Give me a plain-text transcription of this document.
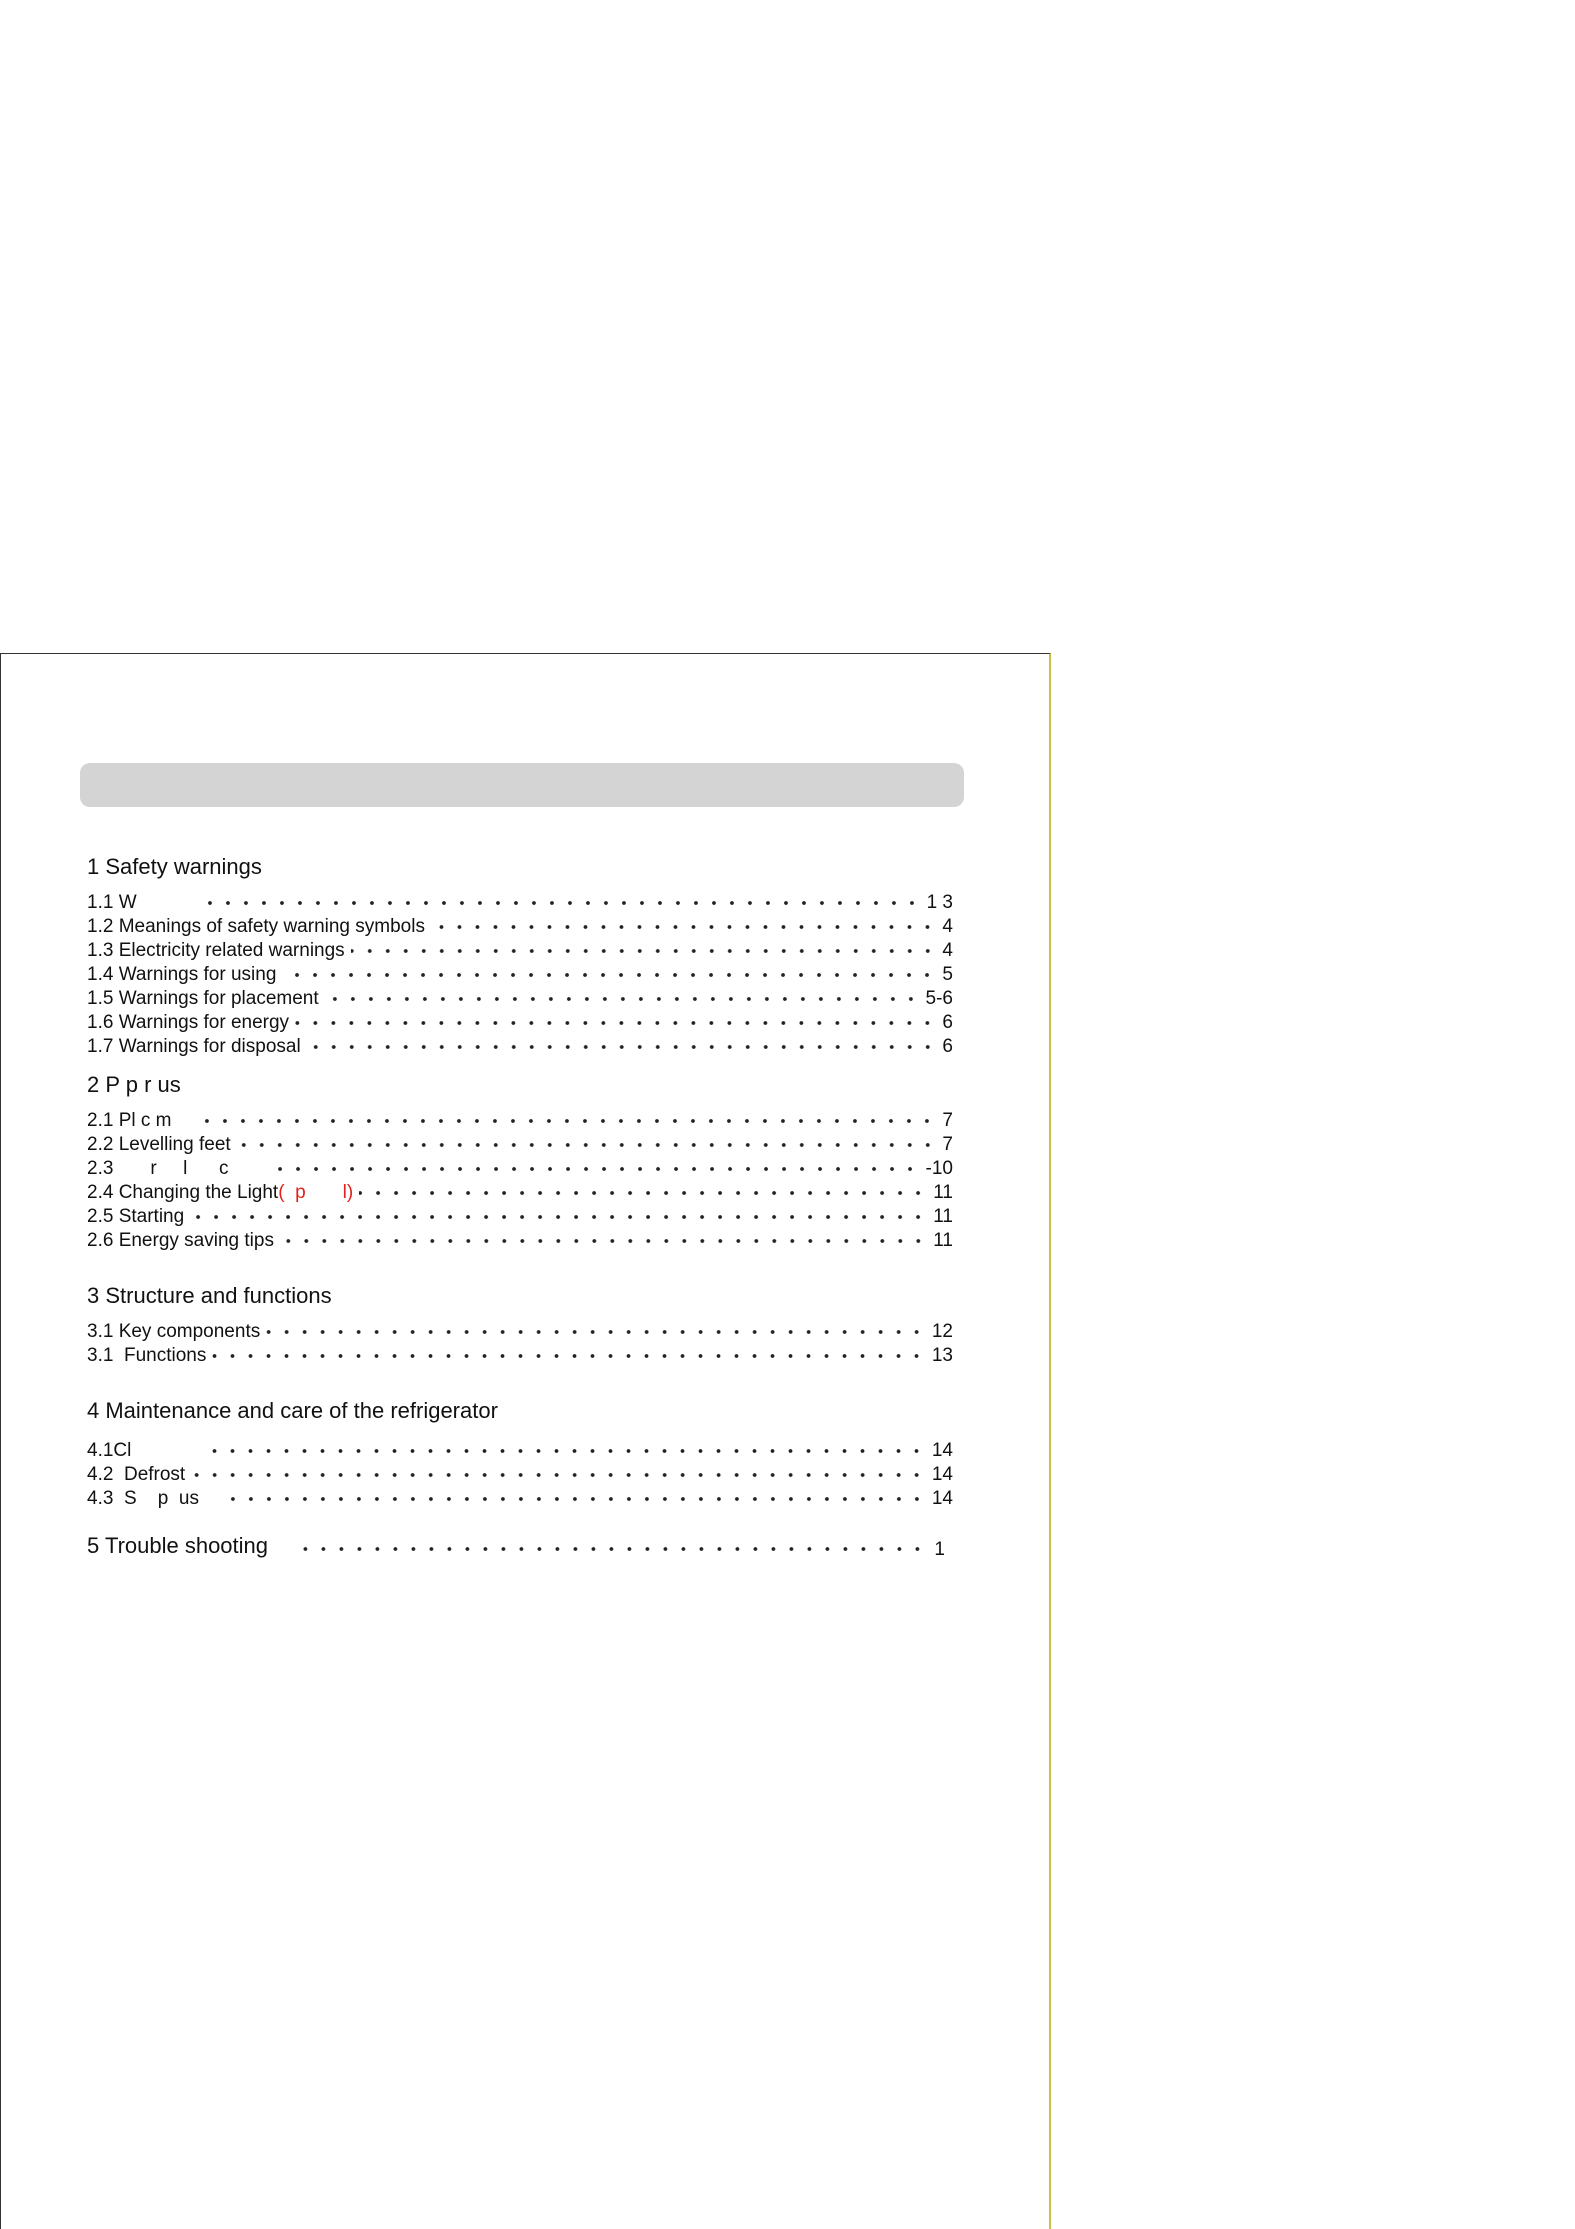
1 Safety warnings
1.1 W	1 3
1.2 Meanings of safety warning symbols	4
1.3 Electricity related warnings	4
1.4 Warnings for using	5
1.5 Warnings for placement	5-6
1.6 Warnings for energy	6
1.7 Warnings for disposal	6
2 P p r us
2.1 Pl c m	7
2.2 Levelling feet	7
2.3       r     l      c	-10
2.4 Changing the Light (  p       l)	11
2.5 Starting	11
2.6 Energy saving tips	11
3 Structure and functions
3.1 Key components	12
3.1  Functions	13
4 Maintenance and care of the refrigerator
4.1Cl	14
4.2  Defrost	14
4.3  S    p  us	14
5 Trouble shooting	1
